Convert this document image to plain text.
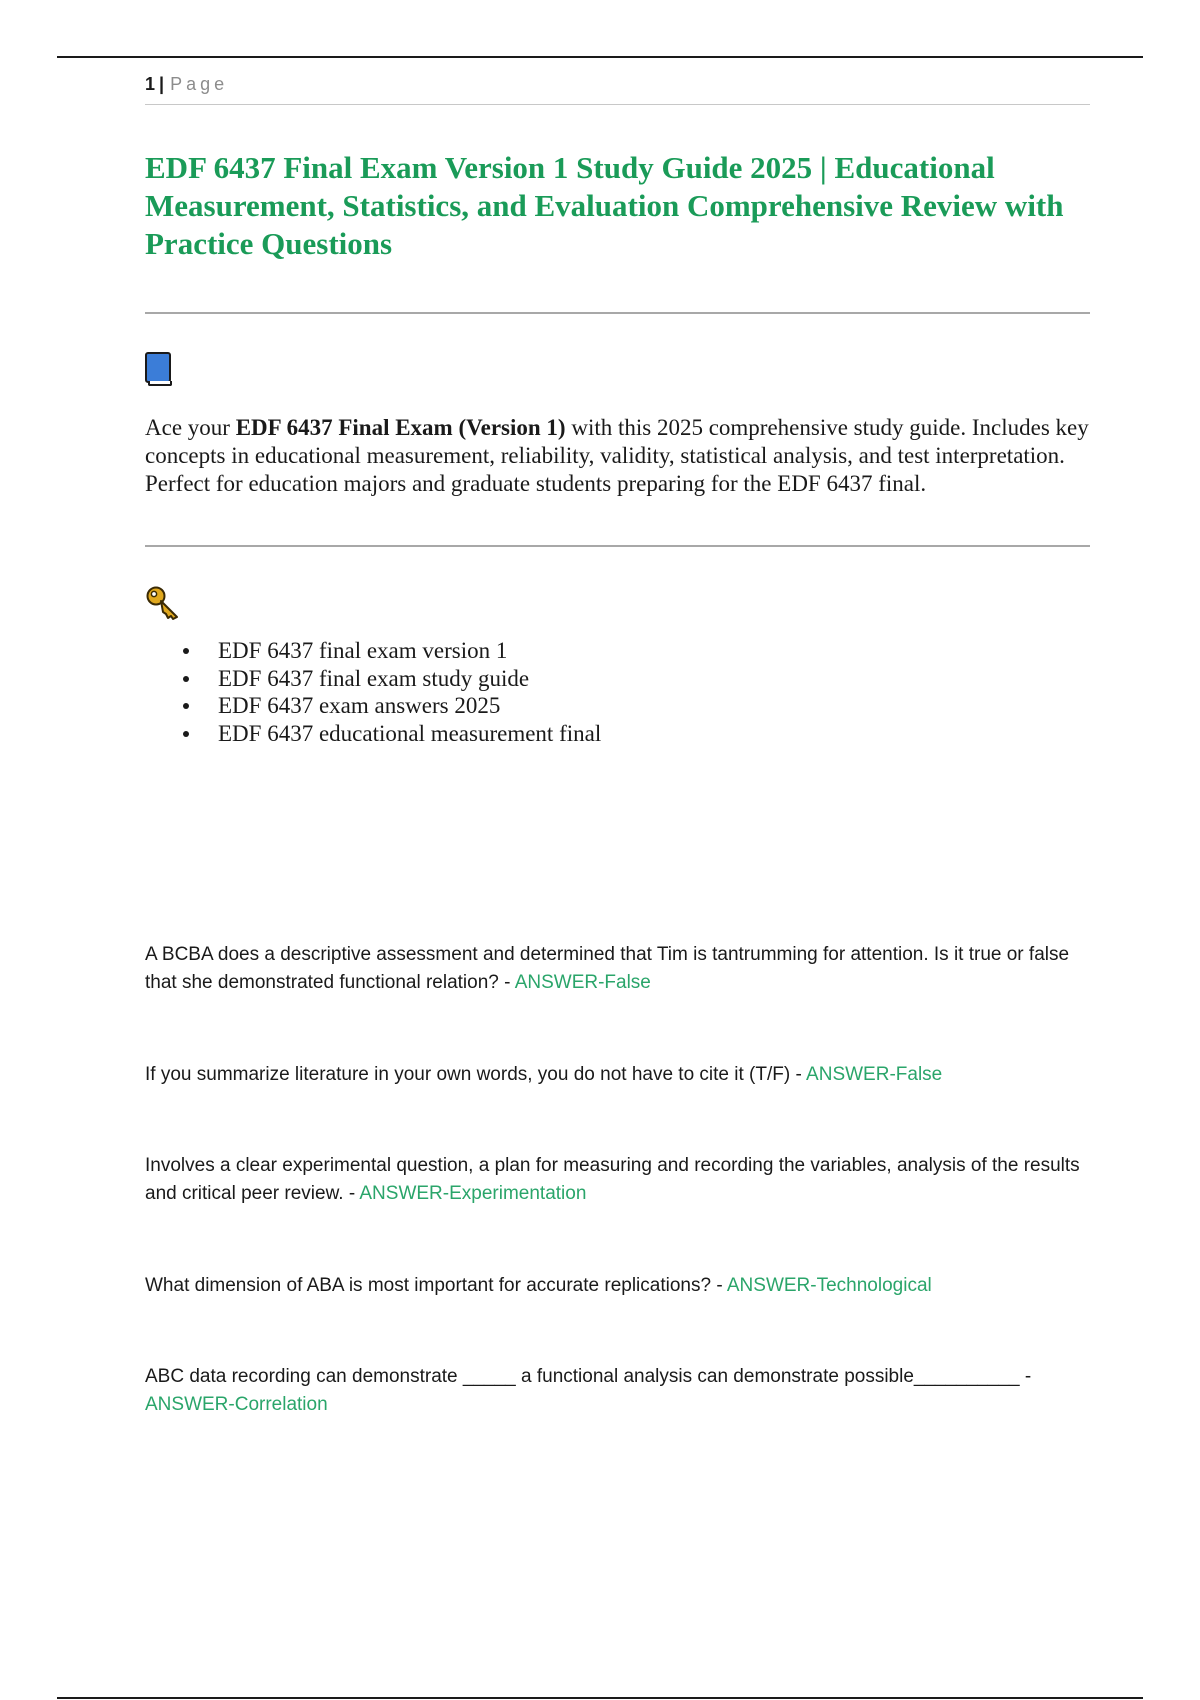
1 | Page
EDF 6437 Final Exam Version 1 Study Guide 2025 | Educational Measurement, Statistics, and Evaluation Comprehensive Review with Practice Questions

Ace your EDF 6437 Final Exam (Version 1) with this 2025 comprehensive study guide. Includes key concepts in educational measurement, reliability, validity, statistical analysis, and test interpretation. Perfect for education majors and graduate students preparing for the EDF 6437 final.

EDF 6437 final exam version 1
EDF 6437 final exam study guide
EDF 6437 exam answers 2025
EDF 6437 educational measurement final
A BCBA does a descriptive assessment and determined that Tim is tantrumming for attention. Is it true or false that she demonstrated functional relation? - ANSWER-False
If you summarize literature in your own words, you do not have to cite it (T/F) - ANSWER-False
Involves a clear experimental question, a plan for measuring and recording the variables, analysis of the results and critical peer review. - ANSWER-Experimentation
What dimension of ABA is most important for accurate replications? - ANSWER-Technological
ABC data recording can demonstrate _____ a functional analysis can demonstrate possible__________ - ANSWER-Correlation
